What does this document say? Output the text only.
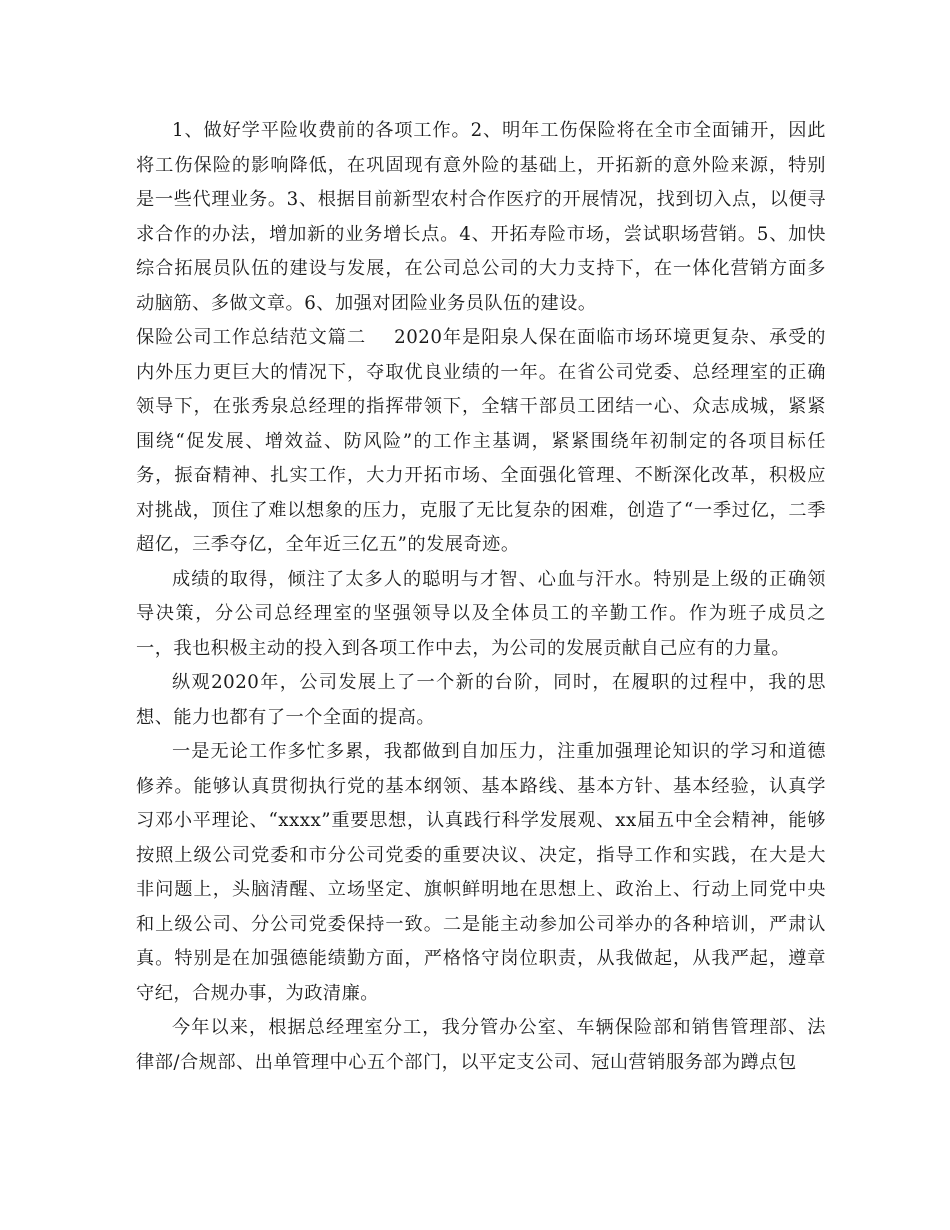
1、做好学平险收费前的各项工作。2、明年工伤保险将在全市全面铺开，因此将工伤保险的影响降低，在巩固现有意外险的基础上，开拓新的意外险来源，特别是一些代理业务。3、根据目前新型农村合作医疗的开展情况，找到切入点，以便寻求合作的办法，增加新的业务增长点。4、开拓寿险市场，尝试职场营销。5、加快综合拓展员队伍的建设与发展，在公司总公司的大力支持下，在一体化营销方面多动脑筋、多做文章。6、加强对团险业务员队伍的建设。

保险公司工作总结范文篇二 2020年是阳泉人保在面临市场环境更复杂、承受的内外压力更巨大的情况下，夺取优良业绩的一年。在省公司党委、总经理室的正确领导下，在张秀泉总经理的指挥带领下，全辖干部员工团结一心、众志成城，紧紧围绕“促发展、增效益、防风险”的工作主基调，紧紧围绕年初制定的各项目标任务，振奋精神、扎实工作，大力开拓市场、全面强化管理、不断深化改革，积极应对挑战，顶住了难以想象的压力，克服了无比复杂的困难，创造了“一季过亿，二季超亿，三季夺亿，全年近三亿五”的发展奇迹。

成绩的取得，倾注了太多人的聪明与才智、心血与汗水。特别是上级的正确领导决策，分公司总经理室的坚强领导以及全体员工的辛勤工作。作为班子成员之一，我也积极主动的投入到各项工作中去，为公司的发展贡献自己应有的力量。

纵观2020年，公司发展上了一个新的台阶，同时，在履职的过程中，我的思想、能力也都有了一个全面的提高。

一是无论工作多忙多累，我都做到自加压力，注重加强理论知识的学习和道德修养。能够认真贯彻执行党的基本纲领、基本路线、基本方针、基本经验，认真学习邓小平理论、“xxxx”重要思想，认真践行科学发展观、xx届五中全会精神，能够按照上级公司党委和市分公司党委的重要决议、决定，指导工作和实践，在大是大非问题上，头脑清醒、立场坚定、旗帜鲜明地在思想上、政治上、行动上同党中央和上级公司、分公司党委保持一致。二是能主动参加公司举办的各种培训，严肃认真。特别是在加强德能绩勤方面，严格恪守岗位职责，从我做起，从我严起，遵章守纪，合规办事，为政清廉。

今年以来，根据总经理室分工，我分管办公室、车辆保险部和销售管理部、法律部/合规部、出单管理中心五个部门，以平定支公司、冠山营销服务部为蹲点包
